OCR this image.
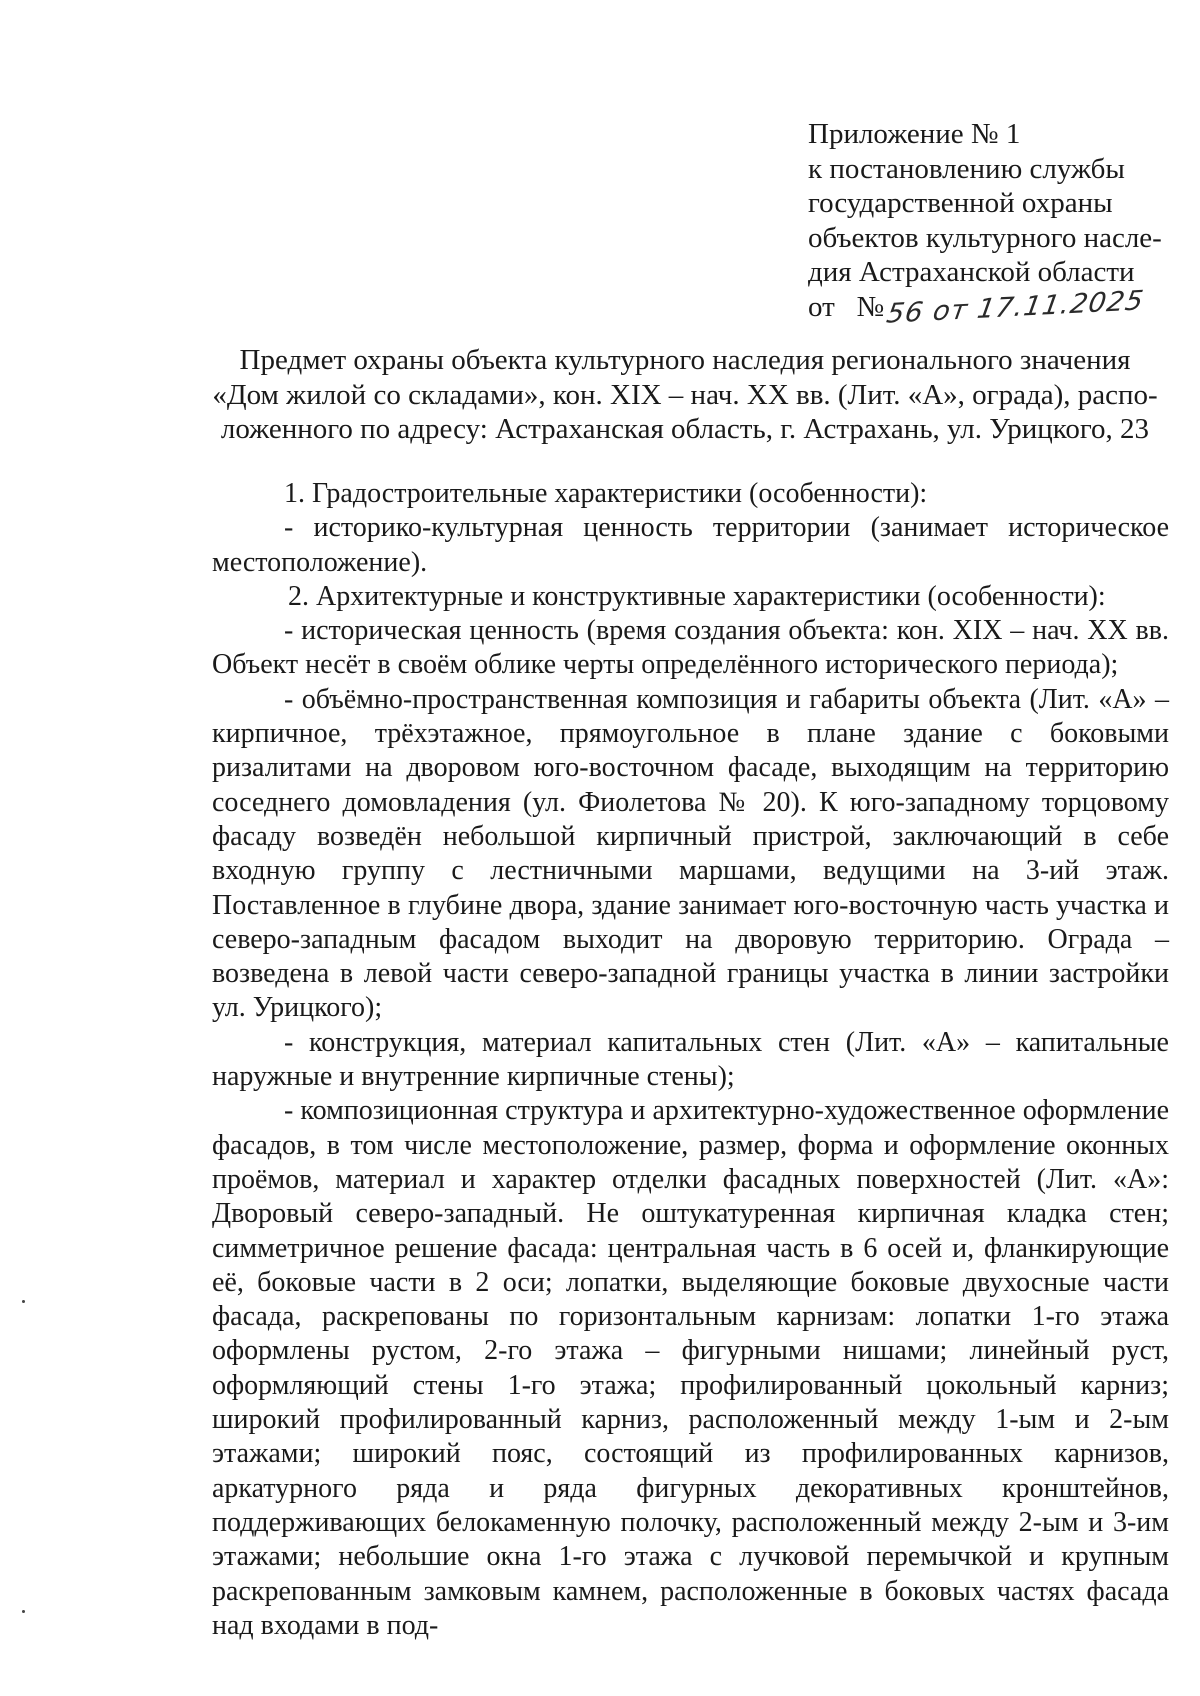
Приложение № 1
к постановлению службы
государственной охраны
объектов культурного насле-
дия Астраханской области
от №56 от 17.11.2025
Предмет охраны объекта культурного наследия регионального значения
«Дом жилой со складами», кон. XIX – нач. XX вв. (Лит. «А», ограда), распо-
ложенного по адресу: Астраханская область, г. Астрахань, ул. Урицкого, 23

1. Градостроительные характеристики (особенности):

- историко-культурная ценность территории (занимает историческое местоположение).

2. Архитектурные и конструктивные характеристики (особенности):

- историческая ценность (время создания объекта: кон. XIX – нач. XX вв. Объект несёт в своём облике черты определённого исторического периода);

- объёмно-пространственная композиция и габариты объекта (Лит. «А» – кирпичное, трёхэтажное, прямоугольное в плане здание с боковыми ризалитами на дворовом юго-восточном фасаде, выходящим на территорию соседнего домовладения (ул. Фиолетова № 20). К юго-западному торцовому фасаду возведён небольшой кирпичный пристрой, заключающий в себе входную группу с лестничными маршами, ведущими на 3-ий этаж. Поставленное в глубине двора, здание занимает юго-восточную часть участка и северо-западным фасадом выходит на дворовую территорию. Ограда – возведена в левой части северо-западной границы участка в линии застройки ул. Урицкого);

- конструкция, материал капитальных стен (Лит. «А» – капитальные наружные и внутренние кирпичные стены);

- композиционная структура и архитектурно-художественное оформление фасадов, в том числе местоположение, размер, форма и оформление оконных проёмов, материал и характер отделки фасадных поверхностей (Лит. «А»: Дворовый северо-западный. Не оштукатуренная кирпичная кладка стен; симметричное решение фасада: центральная часть в 6 осей и, фланкирующие её, боковые части в 2 оси; лопатки, выделяющие боковые двухосные части фасада, раскрепованы по горизонтальным карнизам: лопатки 1-го этажа оформлены рустом, 2-го этажа – фигурными нишами; линейный руст, оформляющий стены 1-го этажа; профилированный цокольный карниз; широкий профилированный карниз, расположенный между 1-ым и 2-ым этажами; широкий пояс, состоящий из профилированных карнизов, аркатурного ряда и ряда фигурных декоративных кронштейнов, поддерживающих белокаменную полочку, расположенный между 2-ым и 3-им этажами; небольшие окна 1-го этажа с лучковой перемычкой и крупным раскрепованным замковым камнем, расположенные в боковых частях фасада над входами в под-
